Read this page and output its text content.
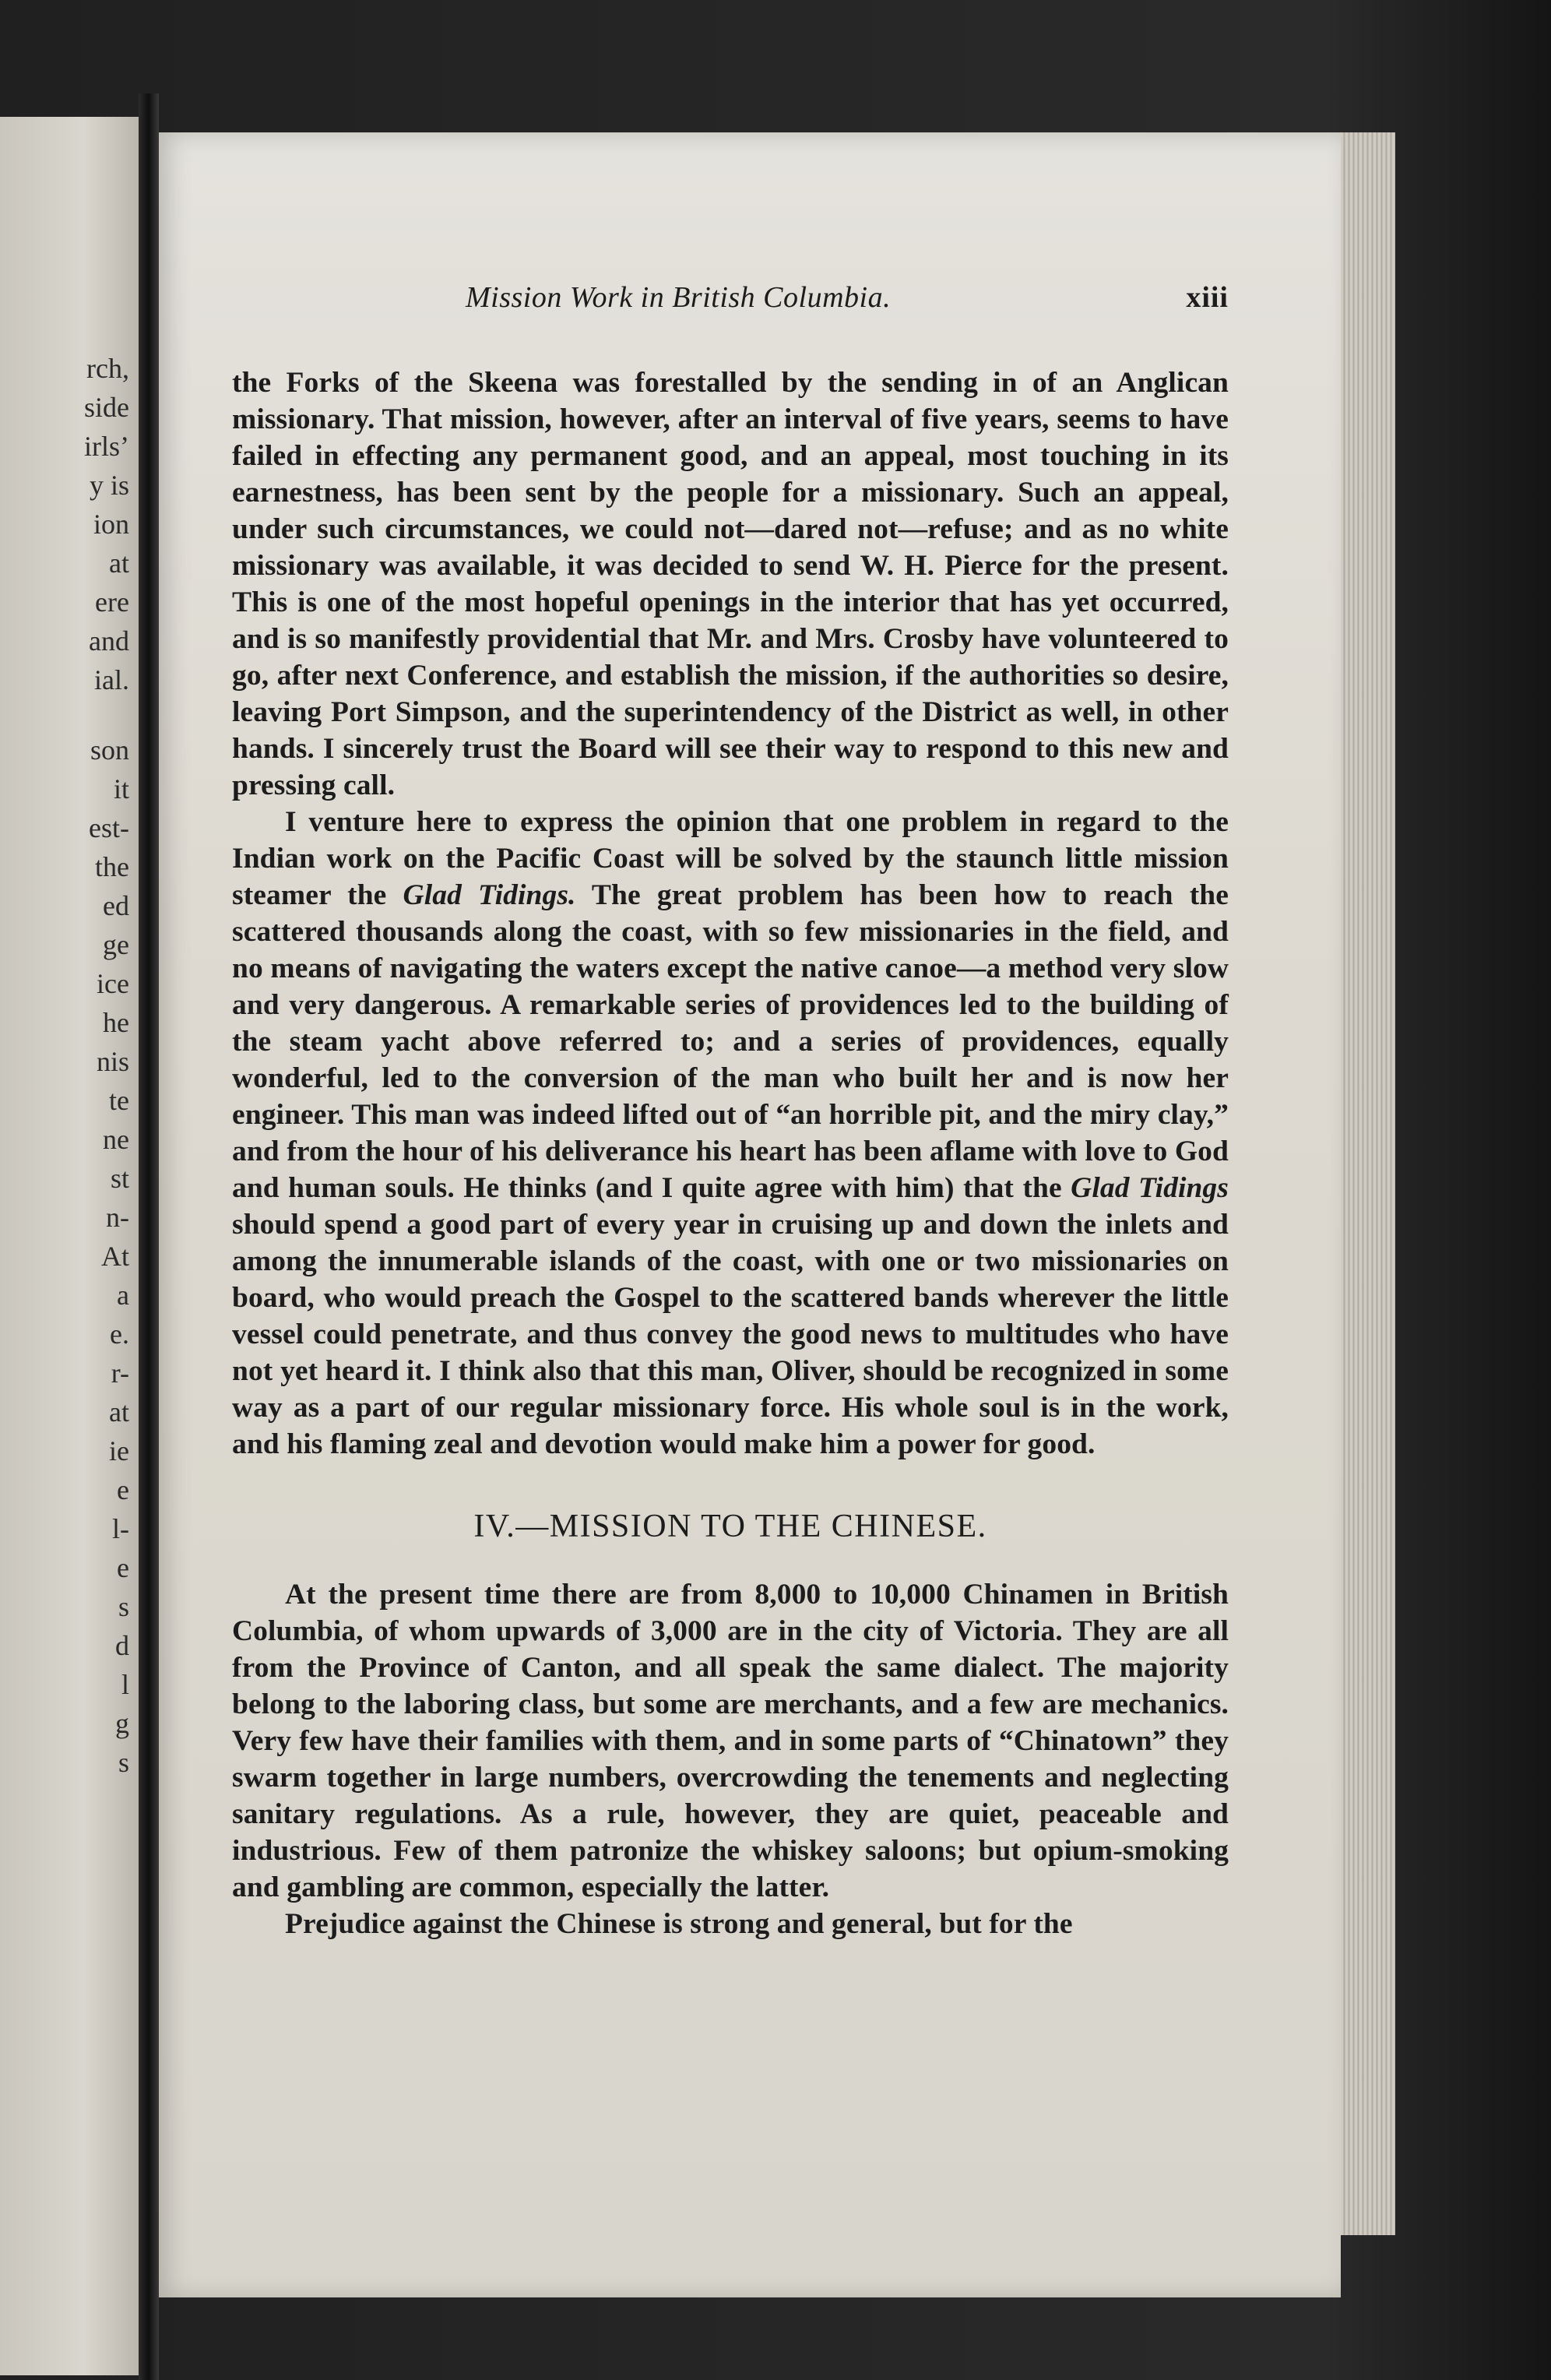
rch,
side
irls’
y is
ion
at
ere
and
ial.
son
it
est-
the
ed
ge
ice
he
nis
te
ne
st
n-
At
a
e.
r-
at
ie
e
l-
e
s
d
l
g
s
Mission Work in British Columbia.	xiii

the Forks of the Skeena was forestalled by the sending in of an Anglican missionary. That mission, however, after an interval of five years, seems to have failed in effecting any permanent good, and an appeal, most touching in its earnestness, has been sent by the people for a missionary. Such an appeal, under such circumstances, we could not—dared not—refuse; and as no white missionary was available, it was decided to send W. H. Pierce for the present. This is one of the most hopeful openings in the interior that has yet occurred, and is so manifestly providential that Mr. and Mrs. Crosby have volunteered to go, after next Conference, and establish the mission, if the authorities so desire, leaving Port Simpson, and the superintendency of the District as well, in other hands. I sincerely trust the Board will see their way to respond to this new and pressing call.

I venture here to express the opinion that one problem in regard to the Indian work on the Pacific Coast will be solved by the staunch little mission steamer the Glad Tidings. The great problem has been how to reach the scattered thousands along the coast, with so few missionaries in the field, and no means of navigating the waters except the native canoe—a method very slow and very dangerous. A remarkable series of providences led to the building of the steam yacht above referred to; and a series of providences, equally wonderful, led to the conversion of the man who built her and is now her engineer. This man was indeed lifted out of “an horrible pit, and the miry clay,” and from the hour of his deliverance his heart has been aflame with love to God and human souls. He thinks (and I quite agree with him) that the Glad Tidings should spend a good part of every year in cruising up and down the inlets and among the innumerable islands of the coast, with one or two missionaries on board, who would preach the Gospel to the scattered bands wherever the little vessel could penetrate, and thus convey the good news to multitudes who have not yet heard it. I think also that this man, Oliver, should be recognized in some way as a part of our regular missionary force. His whole soul is in the work, and his flaming zeal and devotion would make him a power for good.

IV.—MISSION TO THE CHINESE.

At the present time there are from 8,000 to 10,000 Chinamen in British Columbia, of whom upwards of 3,000 are in the city of Victoria. They are all from the Province of Canton, and all speak the same dialect. The majority belong to the laboring class, but some are merchants, and a few are mechanics. Very few have their families with them, and in some parts of “Chinatown” they swarm together in large numbers, overcrowding the tenements and neglecting sanitary regulations. As a rule, however, they are quiet, peaceable and industrious. Few of them patronize the whiskey saloons; but opium-smoking and gambling are common, especially the latter.

Prejudice against the Chinese is strong and general, but for the
